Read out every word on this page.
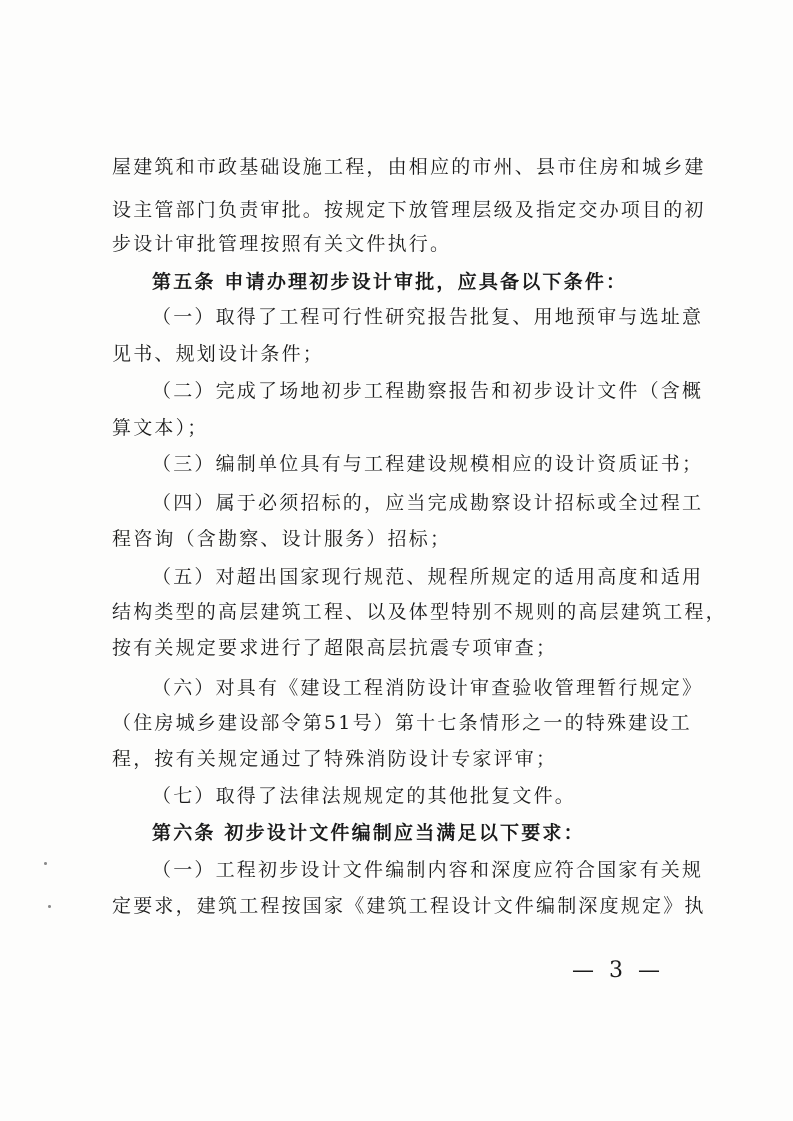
屋建筑和市政基础设施工程，由相应的市州、县市住房和城乡建
设主管部门负责审批。按规定下放管理层级及指定交办项目的初
步设计审批管理按照有关文件执行。
第五条 申请办理初步设计审批，应具备以下条件：
（一）取得了工程可行性研究报告批复、用地预审与选址意
见书、规划设计条件；
（二）完成了场地初步工程勘察报告和初步设计文件（含概
算文本）；
（三）编制单位具有与工程建设规模相应的设计资质证书；
（四）属于必须招标的，应当完成勘察设计招标或全过程工
程咨询（含勘察、设计服务）招标；
（五）对超出国家现行规范、规程所规定的适用高度和适用
结构类型的高层建筑工程、以及体型特别不规则的高层建筑工程，
按有关规定要求进行了超限高层抗震专项审查；
（六）对具有《建设工程消防设计审查验收管理暂行规定》
（住房城乡建设部令第51号）第十七条情形之一的特殊建设工
程，按有关规定通过了特殊消防设计专家评审；
（七）取得了法律法规规定的其他批复文件。
第六条 初步设计文件编制应当满足以下要求：
（一）工程初步设计文件编制内容和深度应符合国家有关规
定要求，建筑工程按国家《建筑工程设计文件编制深度规定》执
— 3 —
